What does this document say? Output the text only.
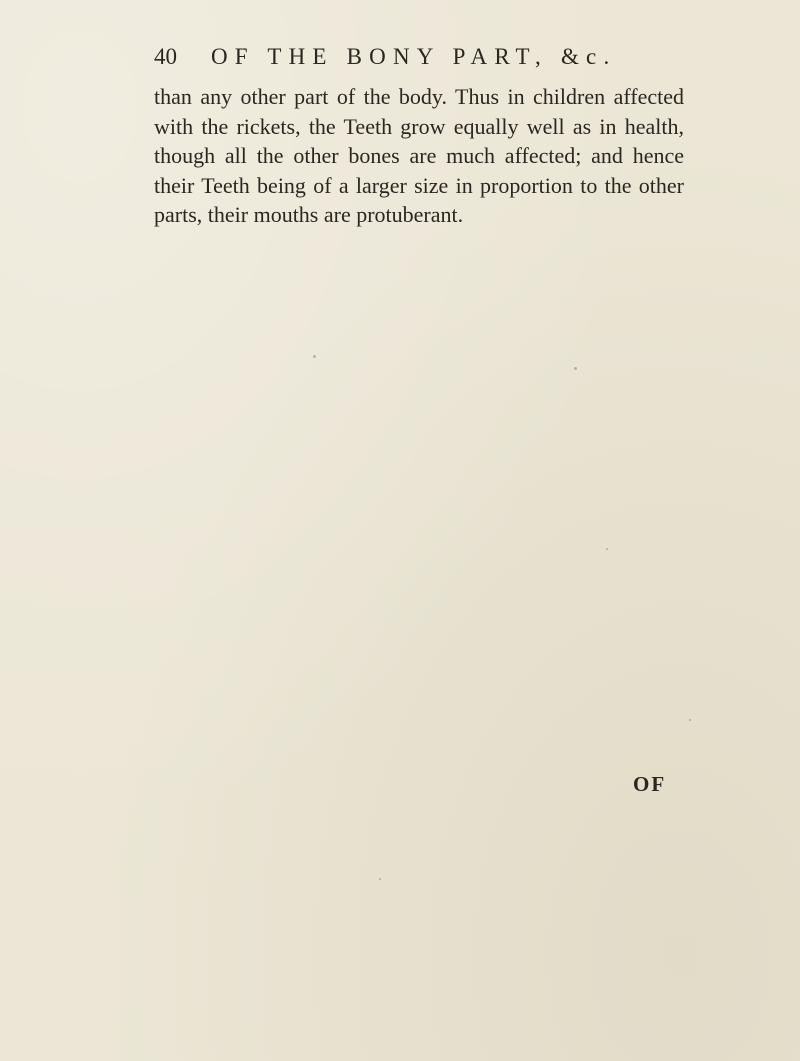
40 OF THE BONY PART, &c.

than any other part of the body. Thus in children affected with the rickets, the Teeth grow equally well as in health, though all the other bones are much affected; and hence their Teeth being of a larger size in proportion to the other parts, their mouths are protuberant.

OF
